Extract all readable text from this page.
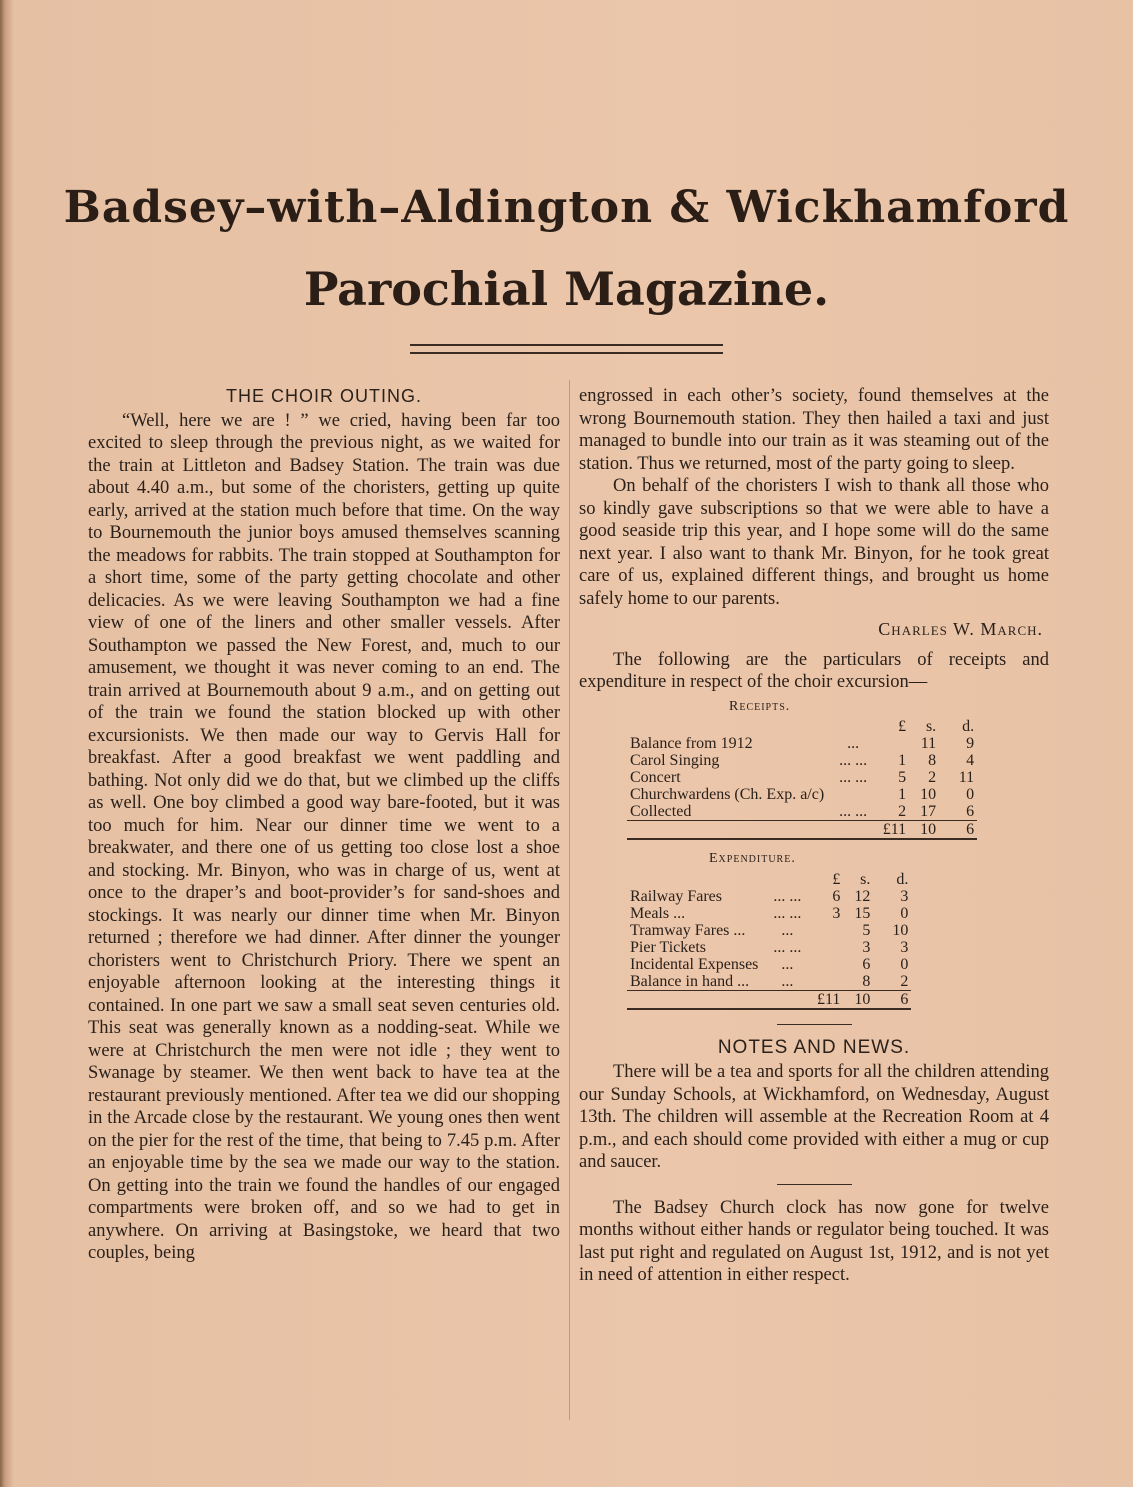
Badsey–with–Aldington & Wickhamford
Parochial Magazine.

THE CHOIR OUTING.

“Well, here we are ! ” we cried, having been far too excited to sleep through the previous night, as we waited for the train at Littleton and Badsey Station. The train was due about 4.40 a.m., but some of the choristers, getting up quite early, arrived at the station much before that time. On the way to Bournemouth the junior boys amused themselves scanning the meadows for rabbits. The train stopped at Southampton for a short time, some of the party getting chocolate and other delicacies. As we were leaving Southampton we had a fine view of one of the liners and other smaller vessels. After Southampton we passed the New Forest, and, much to our amusement, we thought it was never coming to an end. The train arrived at Bournemouth about 9 a.m., and on getting out of the train we found the station blocked up with other excursionists. We then made our way to Gervis Hall for breakfast. After a good breakfast we went paddling and bathing. Not only did we do that, but we climbed up the cliffs as well. One boy climbed a good way bare-footed, but it was too much for him. Near our dinner time we went to a breakwater, and there one of us getting too close lost a shoe and stocking. Mr. Binyon, who was in charge of us, went at once to the draper’s and boot-provider’s for sand-shoes and stockings. It was nearly our dinner time when Mr. Binyon returned ; therefore we had dinner. After dinner the younger choristers went to Christchurch Priory. There we spent an enjoyable afternoon looking at the interesting things it contained. In one part we saw a small seat seven centuries old. This seat was generally known as a nodding-seat. While we were at Christchurch the men were not idle ; they went to Swanage by steamer. We then went back to have tea at the restaurant previously mentioned. After tea we did our shopping in the Arcade close by the restaurant. We young ones then went on the pier for the rest of the time, that being to 7.45 p.m. After an enjoyable time by the sea we made our way to the station. On getting into the train we found the handles of our engaged compartments were broken off, and so we had to get in anywhere. On arriving at Basingstoke, we heard that two couples, being

engrossed in each other’s society, found themselves at the wrong Bournemouth station. They then hailed a taxi and just managed to bundle into our train as it was steaming out of the station. Thus we returned, most of the party going to sleep.

On behalf of the choristers I wish to thank all those who so kindly gave subscriptions so that we were able to have a good seaside trip this year, and I hope some will do the same next year. I also want to thank Mr. Binyon, for he took great care of us, explained different things, and brought us home safely home to our parents.

Charles W. March.

The following are the particulars of receipts and expenditure in respect of the choir excursion—

Receipts.

		£	s.	d.
Balance from 1912	...		11	9
Carol Singing	... ...	1	8	4
Concert	... ...	5	2	11
Churchwardens (Ch. Exp. a/c)		1	10	0
Collected	... ...	2	17	6
		£11	10	6

Expenditure.

		£	s.	d.
Railway Fares	... ...	6	12	3
Meals ...	... ...	3	15	0
Tramway Fares ...	...		5	10
Pier Tickets	... ...		3	3
Incidental Expenses	...		6	0
Balance in hand ...	...		8	2
		£11	10	6

NOTES AND NEWS.

There will be a tea and sports for all the children attending our Sunday Schools, at Wickhamford, on Wednesday, August 13th. The children will assemble at the Recreation Room at 4 p.m., and each should come provided with either a mug or cup and saucer.

The Badsey Church clock has now gone for twelve months without either hands or regulator being touched. It was last put right and regulated on August 1st, 1912, and is not yet in need of attention in either respect.
